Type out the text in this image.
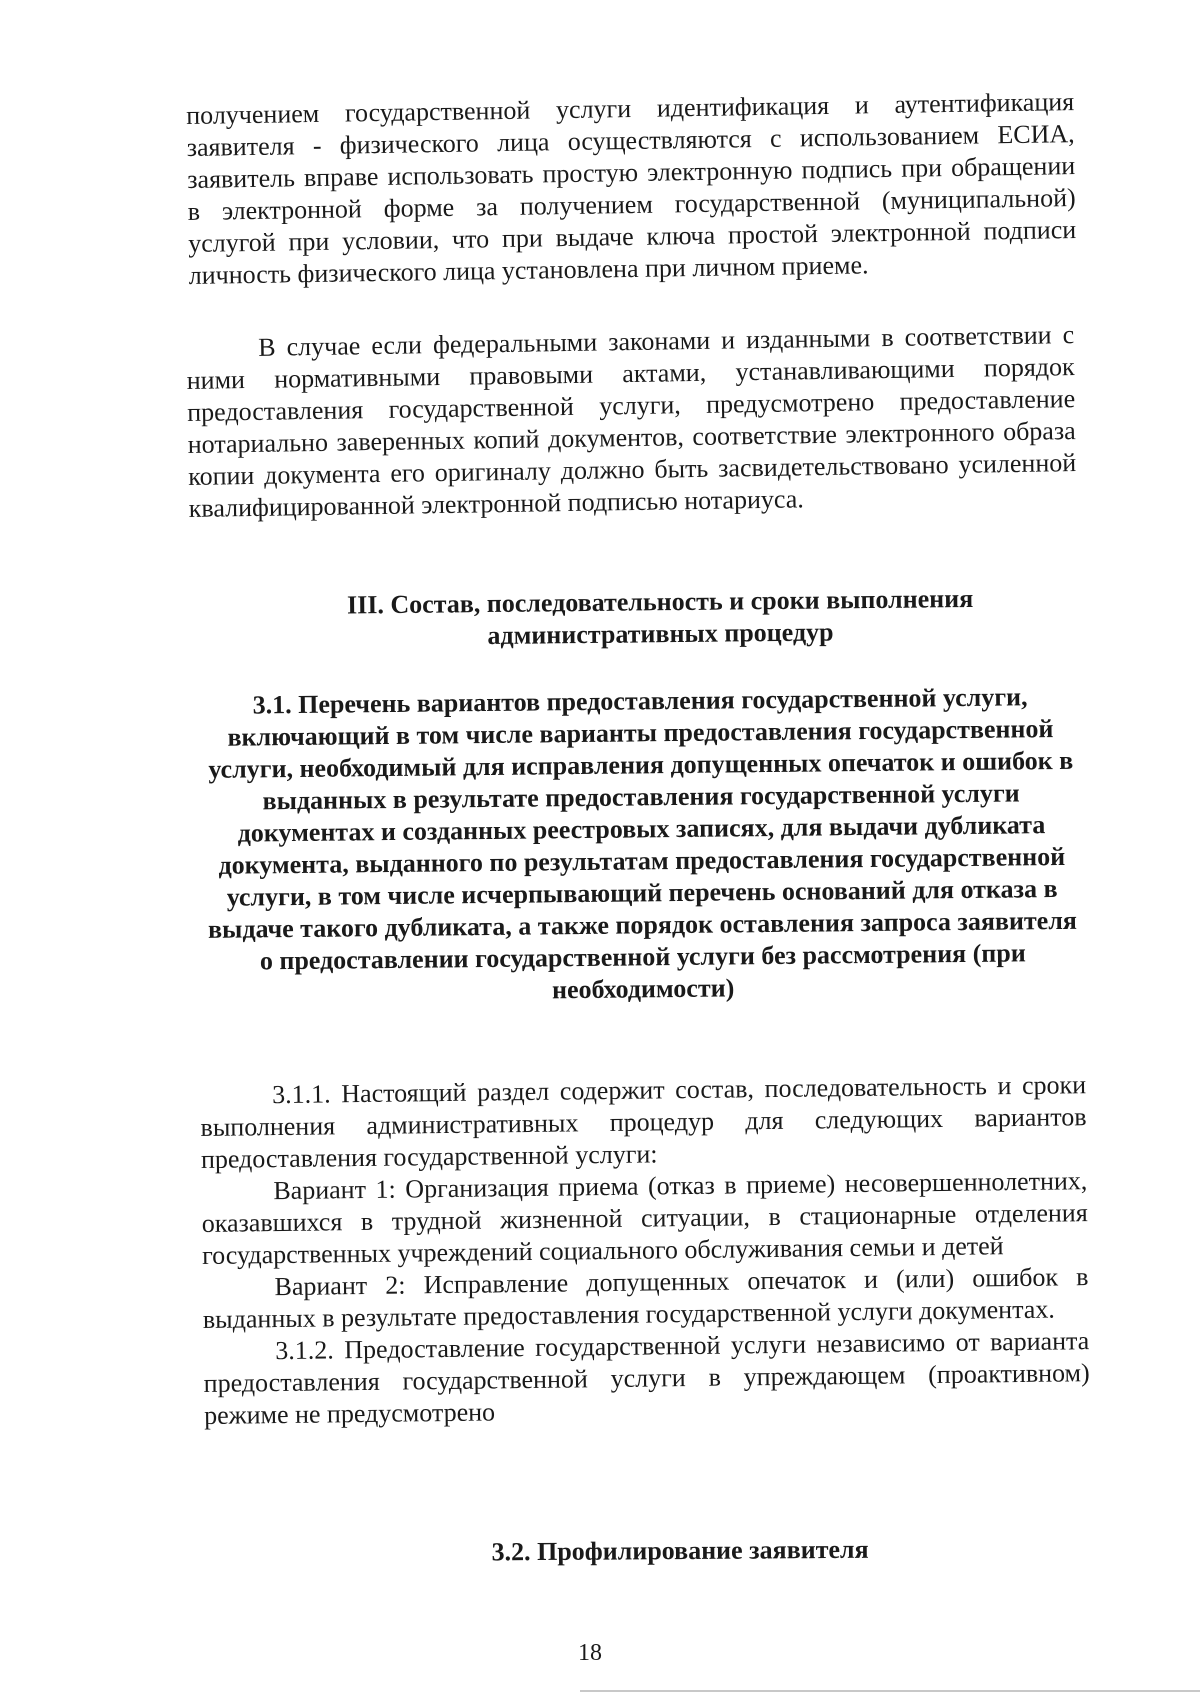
получением государственной услуги идентификация и аутентификация заявителя - физического лица осуществляются с использованием ЕСИА, заявитель вправе использовать простую электронную подпись при обращении в электронной форме за получением государственной (муниципальной) услугой при условии, что при выдаче ключа простой электронной подписи личность физического лица установлена при личном приеме.

В случае если федеральными законами и изданными в соответствии с ними нормативными правовыми актами, устанавливающими порядок предоставления государственной услуги, предусмотрено предоставление нотариально заверенных копий документов, соответствие электронного образа копии документа его оригиналу должно быть засвидетельствовано усиленной квалифицированной электронной подписью нотариуса.

III. Состав, последовательность и сроки выполнения
административных процедур
3.1. Перечень вариантов предоставления государственной услуги, включающий в том числе варианты предоставления государственной услуги, необходимый для исправления допущенных опечаток и ошибок в выданных в результате предоставления государственной услуги документах и созданных реестровых записях, для выдачи дубликата документа, выданного по результатам предоставления государственной услуги, в том числе исчерпывающий перечень оснований для отказа в выдаче такого дубликата, а также порядок оставления запроса заявителя о предоставлении государственной услуги без рассмотрения (при необходимости)

3.1.1. Настоящий раздел содержит состав, последовательность и сроки выполнения административных процедур для следующих вариантов предоставления государственной услуги:

Вариант 1: Организация приема (отказ в приеме) несовершеннолетних, оказавшихся в трудной жизненной ситуации, в стационарные отделения государственных учреждений социального обслуживания семьи и детей

Вариант 2: Исправление допущенных опечаток и (или) ошибок в выданных в результате предоставления государственной услуги документах.

3.1.2. Предоставление государственной услуги независимо от варианта предоставления государственной услуги в упреждающем (проактивном) режиме не предусмотрено

3.2. Профилирование заявителя
18
